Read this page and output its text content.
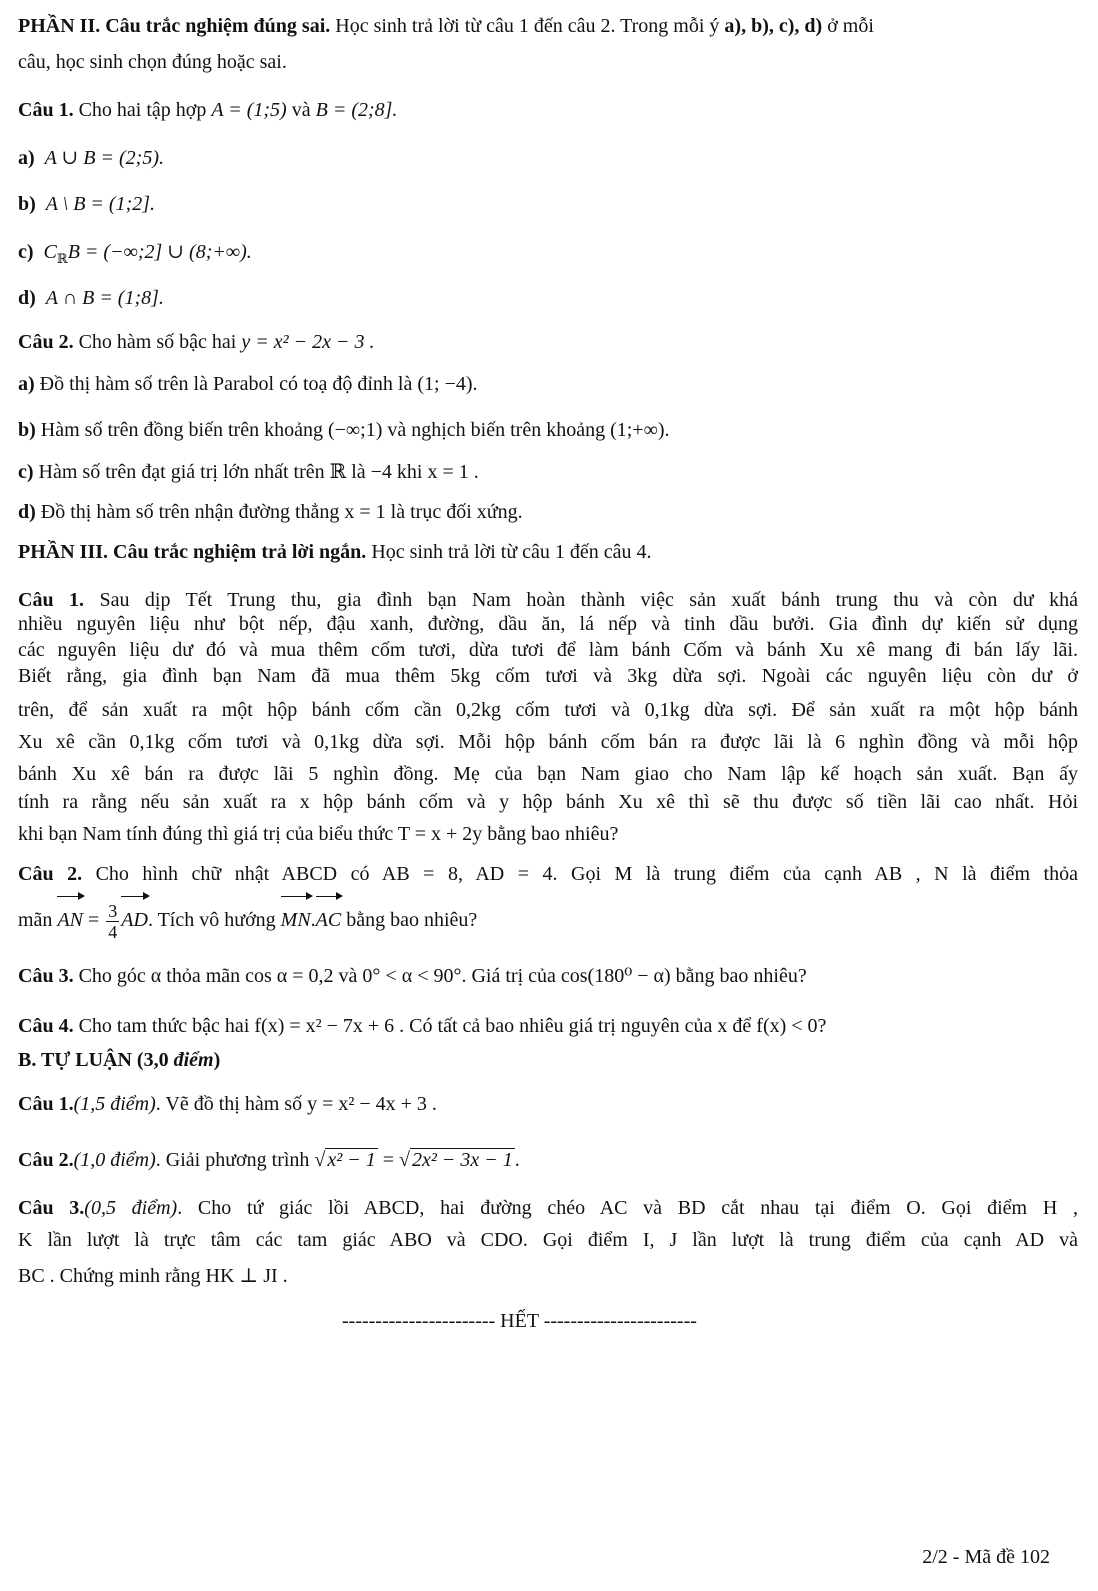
PHẦN II. Câu trắc nghiệm đúng sai. Học sinh trả lời từ câu 1 đến câu 2. Trong mỗi ý a), b), c), d) ở mỗi
câu, học sinh chọn đúng hoặc sai.
Câu 1. Cho hai tập hợp A = (1;5) và B = (2;8].
a) A ∪ B = (2;5).
b) A \ B = (1;2].
c) $C_ℝB$ = (−∞;2] ∪ (8;+∞).
d) A ∩ B = (1;8].
Câu 2. Cho hàm số bậc hai y = x² − 2x − 3 .
a) Đồ thị hàm số trên là Parabol có toạ độ đỉnh là (1; −4).
b) Hàm số trên đồng biến trên khoảng (−∞;1) và nghịch biến trên khoảng (1;+∞).
c) Hàm số trên đạt giá trị lớn nhất trên ℝ là −4 khi x = 1 .
d) Đồ thị hàm số trên nhận đường thẳng x = 1 là trục đối xứng.
PHẦN III. Câu trắc nghiệm trả lời ngắn. Học sinh trả lời từ câu 1 đến câu 4.
Câu 1. Sau dịp Tết Trung thu, gia đình bạn Nam hoàn thành việc sản xuất bánh trung thu và còn dư khá
nhiều nguyên liệu như bột nếp, đậu xanh, đường, dầu ăn, lá nếp và tinh dầu bưởi. Gia đình dự kiến sử dụng
các nguyên liệu dư đó và mua thêm cốm tươi, dừa tươi để làm bánh Cốm và bánh Xu xê mang đi bán lấy lãi.
Biết rằng, gia đình bạn Nam đã mua thêm 5kg cốm tươi và 3kg dừa sợi. Ngoài các nguyên liệu còn dư ở
trên, để sản xuất ra một hộp bánh cốm cần 0,2kg cốm tươi và 0,1kg dừa sợi. Để sản xuất ra một hộp bánh
Xu xê cần 0,1kg cốm tươi và 0,1kg dừa sợi. Mỗi hộp bánh cốm bán ra được lãi là 6 nghìn đồng và mỗi hộp
bánh Xu xê bán ra được lãi 5 nghìn đồng. Mẹ của bạn Nam giao cho Nam lập kế hoạch sản xuất. Bạn ấy
tính ra rằng nếu sản xuất ra x hộp bánh cốm và y hộp bánh Xu xê thì sẽ thu được số tiền lãi cao nhất. Hỏi
khi bạn Nam tính đúng thì giá trị của biểu thức T = x + 2y bằng bao nhiêu?
Câu 2. Cho hình chữ nhật ABCD có AB = 8, AD = 4. Gọi M là trung điểm của cạnh AB , N là điểm thỏa
mãn AN = $\frac{3}{4}$ AD. Tích vô hướng MN.AC bằng bao nhiêu?
Câu 3. Cho góc α thỏa mãn cos α = 0,2 và 0° < α < 90°. Giá trị của cos(180⁰ − α) bằng bao nhiêu?
Câu 4. Cho tam thức bậc hai f(x) = x² − 7x + 6 . Có tất cả bao nhiêu giá trị nguyên của x để f(x) < 0?
B. TỰ LUẬN (3,0 điểm)
Câu 1.(1,5 điểm). Vẽ đồ thị hàm số y = x² − 4x + 3 .
Câu 2.(1,0 điểm). Giải phương trình √ x² − 1 = √ 2x² − 3x − 1 .
Câu 3.(0,5 điểm). Cho tứ giác lồi ABCD, hai đường chéo AC và BD cắt nhau tại điểm O. Gọi điểm H ,
K lần lượt là trực tâm các tam giác ABO và CDO. Gọi điểm I, J lần lượt là trung điểm của cạnh AD và
BC . Chứng minh rằng HK ⊥ JI .
----------------------- HẾT -----------------------
2/2 - Mã đề 102
